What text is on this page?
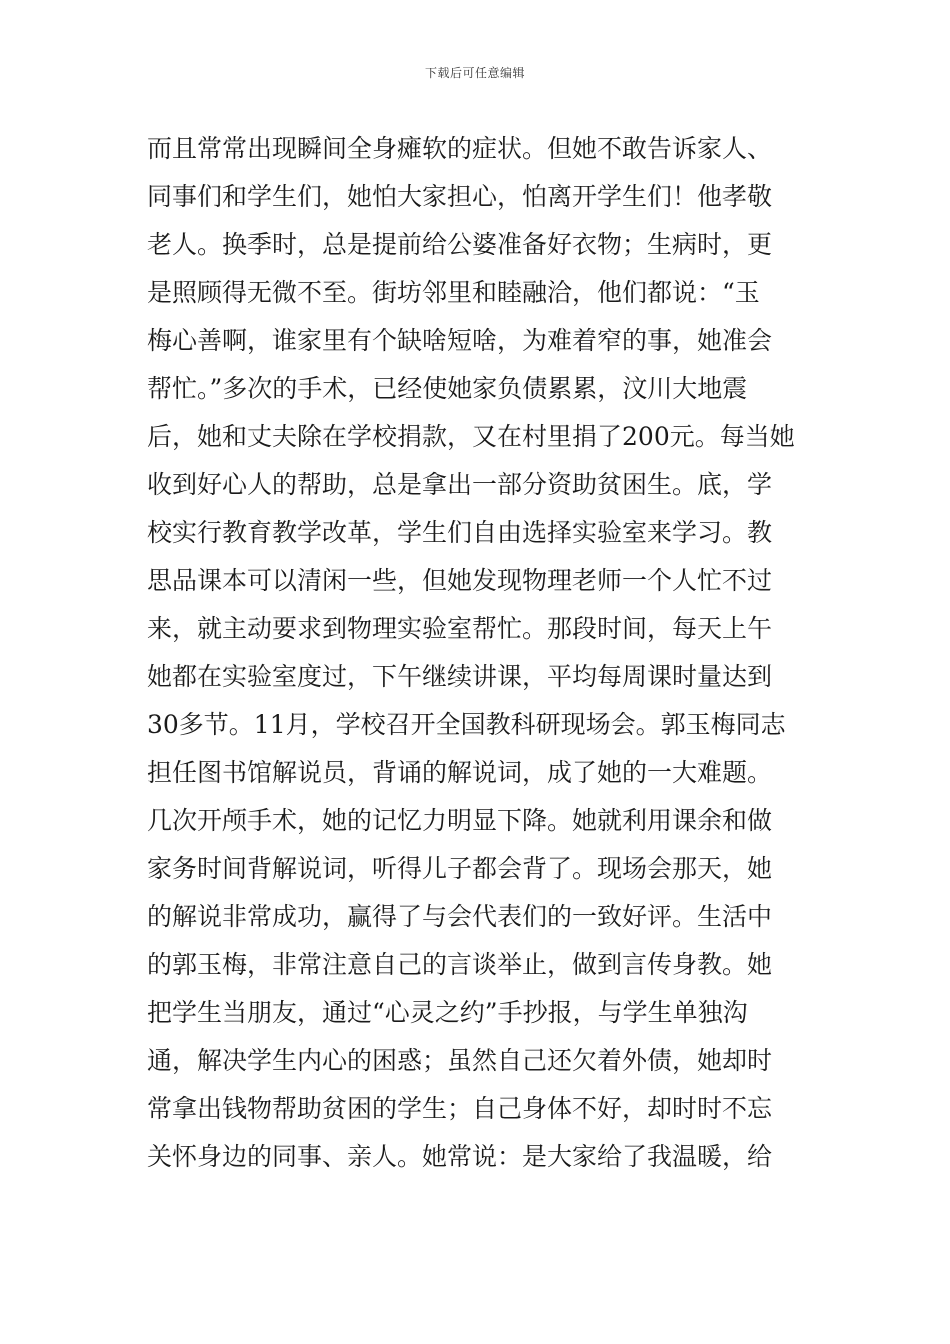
下载后可任意编辑
而且常常出现瞬间全身瘫软的症状。但她不敢告诉家人、
同事们和学生们，她怕大家担心，怕离开学生们！他孝敬
老人。换季时，总是提前给公婆准备好衣物；生病时，更
是照顾得无微不至。街坊邻里和睦融洽，他们都说：“玉
梅心善啊，谁家里有个缺啥短啥，为难着窄的事，她准会
帮忙。”多次的手术，已经使她家负债累累，汶川大地震
后，她和丈夫除在学校捐款，又在村里捐了200元。每当她
收到好心人的帮助，总是拿出一部分资助贫困生。底，学
校实行教育教学改革，学生们自由选择实验室来学习。教
思品课本可以清闲一些，但她发现物理老师一个人忙不过
来，就主动要求到物理实验室帮忙。那段时间，每天上午
她都在实验室度过，下午继续讲课，平均每周课时量达到
30多节。11月，学校召开全国教科研现场会。郭玉梅同志
担任图书馆解说员，背诵的解说词，成了她的一大难题。
几次开颅手术，她的记忆力明显下降。她就利用课余和做
家务时间背解说词，听得儿子都会背了。现场会那天，她
的解说非常成功，赢得了与会代表们的一致好评。生活中
的郭玉梅，非常注意自己的言谈举止，做到言传身教。她
把学生当朋友，通过“心灵之约”手抄报，与学生单独沟
通，解决学生内心的困惑；虽然自己还欠着外债，她却时
常拿出钱物帮助贫困的学生；自己身体不好，却时时不忘
关怀身边的同事、亲人。她常说：是大家给了我温暖，给
